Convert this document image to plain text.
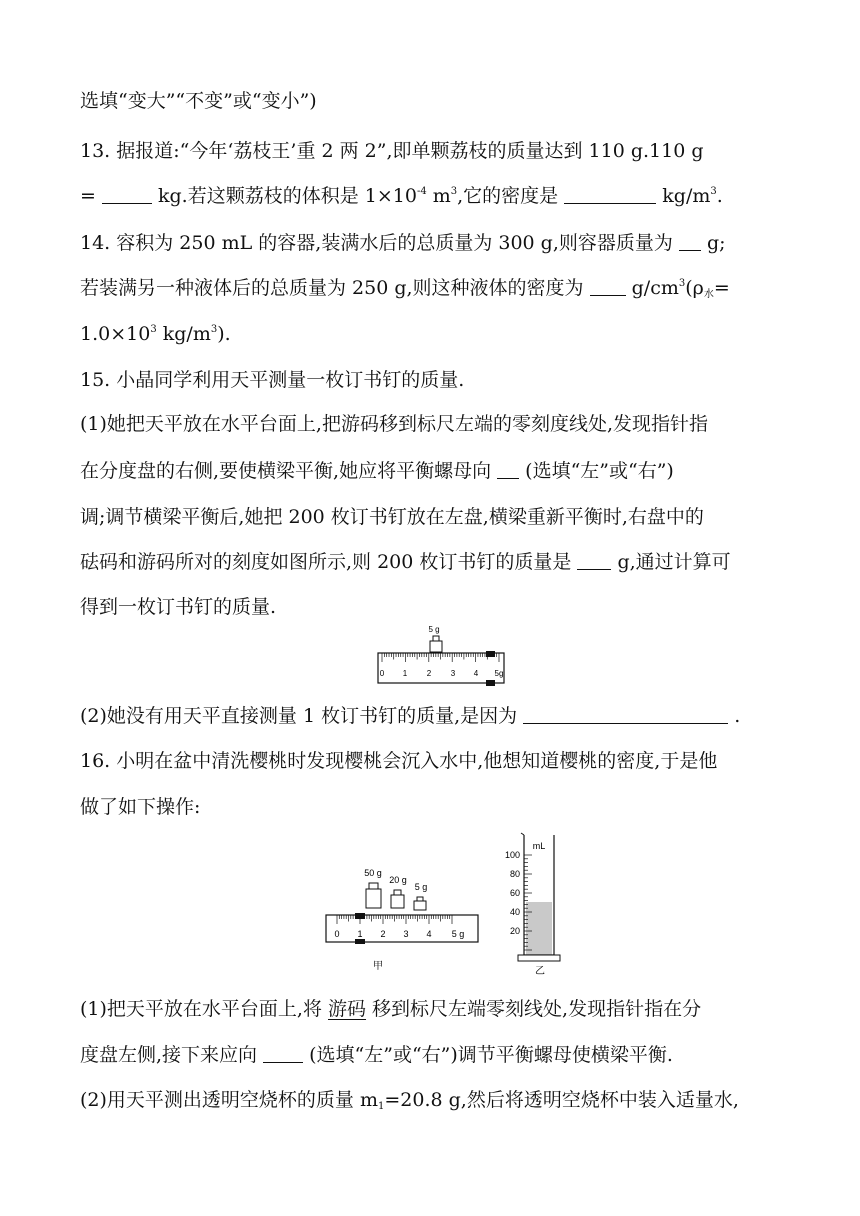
选填“变大”“不变”或“变小”)
13. 据报道:“今年‘荔枝王’重 2 两 2”,即单颗荔枝的质量达到 110 g.110 g
=	kg.若这颗荔枝的体积是 $1\times 10^{-4}$ $m^3$,它的密度是	$kg/m^3$.
14. 容积为 250 mL 的容器,装满水后的总质量为 300 g,则容器质量为  g;
若装满另一种液体后的总质量为 250 g,则这种液体的密度为  $g/cm^3(\rho_水=$
$1.0\times 10^3$ $kg/m^3$).
15. 小晶同学利用天平测量一枚订书钉的质量.
(1)她把天平放在水平台面上,把游码移到标尺左端的零刻度线处,发现指针指
在分度盘的右侧,要使横梁平衡,她应将平衡螺母向  (选填“左”或“右”)
调;调节横梁平衡后,她把 200 枚订书钉放在左盘,横梁重新平衡时,右盘中的
砝码和游码所对的刻度如图所示,则 200 枚订书钉的质量是  g,通过计算可
得到一枚订书钉的质量.
5 g
0 1 2 3 4 5g
(2)她没有用天平直接测量 1 枚订书钉的质量,是因为	.
16. 小明在盆中清洗樱桃时发现樱桃会沉入水中,他想知道樱桃的密度,于是他
做了如下操作:
50 g
20 g
5 g
0 1 2 3 4 5 g
甲
mL
100
80
60
40
20
乙
(1)把天平放在水平台面上,将 游码 移到标尺左端零刻线处,发现指针指在分
度盘左侧,接下来应向  (选填“左”或“右”)调节平衡螺母使横梁平衡.
(2)用天平测出透明空烧杯的质量 $m_1=20.8$ g,然后将透明空烧杯中装入适量水,
